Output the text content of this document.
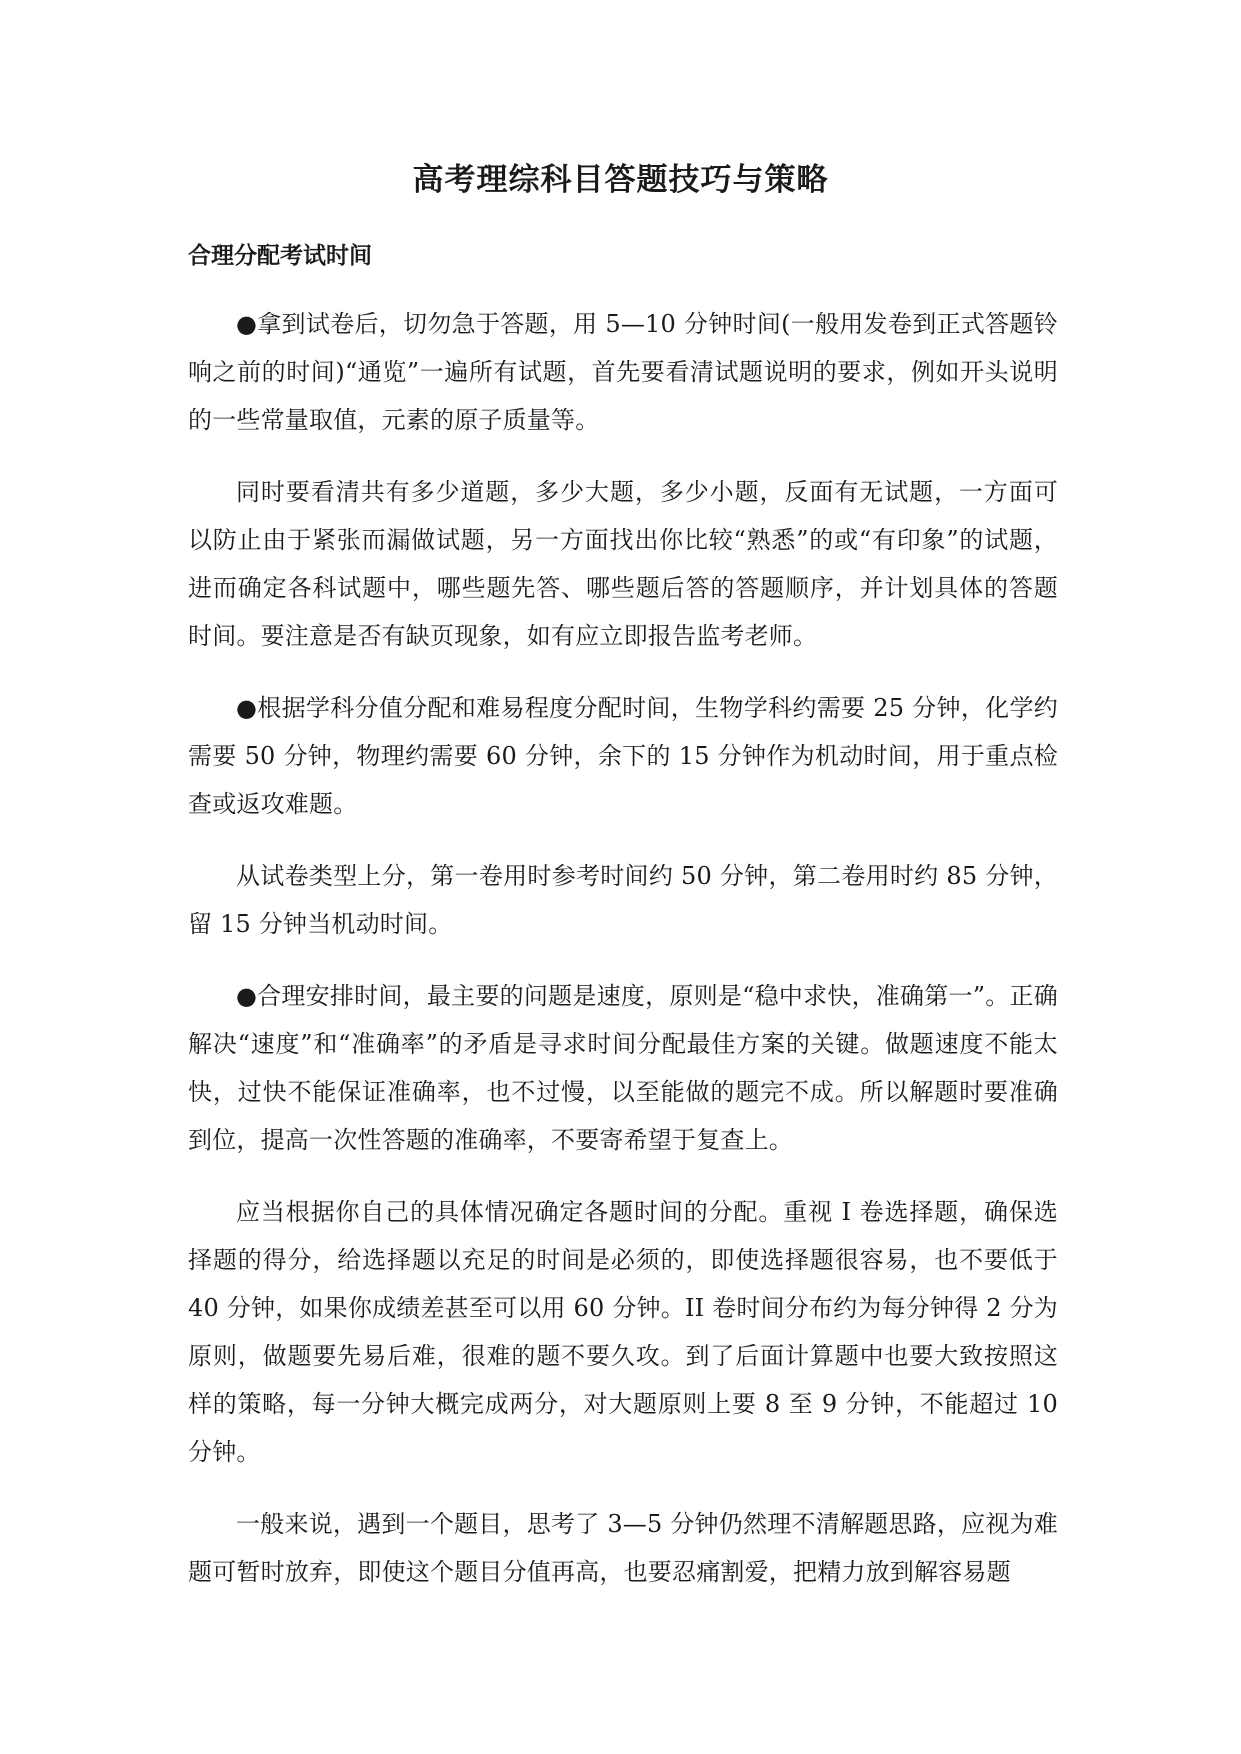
高考理综科目答题技巧与策略
合理分配考试时间

●拿到试卷后，切勿急于答题，用 5—10 分钟时间(一般用发卷到正式答题铃响之前的时间)“通览”一遍所有试题，首先要看清试题说明的要求，例如开头说明的一些常量取值，元素的原子质量等。

同时要看清共有多少道题，多少大题，多少小题，反面有无试题，一方面可以防止由于紧张而漏做试题，另一方面找出你比较“熟悉”的或“有印象”的试题，进而确定各科试题中，哪些题先答、哪些题后答的答题顺序，并计划具体的答题时间。要注意是否有缺页现象，如有应立即报告监考老师。

●根据学科分值分配和难易程度分配时间，生物学科约需要 25 分钟，化学约需要 50 分钟，物理约需要 60 分钟，余下的 15 分钟作为机动时间，用于重点检查或返攻难题。

从试卷类型上分，第一卷用时参考时间约 50 分钟，第二卷用时约 85 分钟，留 15 分钟当机动时间。

●合理安排时间，最主要的问题是速度，原则是“稳中求快，准确第一”。正确解决“速度”和“准确率”的矛盾是寻求时间分配最佳方案的关键。做题速度不能太快，过快不能保证准确率，也不过慢，以至能做的题完不成。所以解题时要准确到位，提高一次性答题的准确率，不要寄希望于复查上。

应当根据你自己的具体情况确定各题时间的分配。重视 I 卷选择题，确保选择题的得分，给选择题以充足的时间是必须的，即使选择题很容易，也不要低于 40 分钟，如果你成绩差甚至可以用 60 分钟。II 卷时间分布约为每分钟得 2 分为原则，做题要先易后难，很难的题不要久攻。到了后面计算题中也要大致按照这样的策略，每一分钟大概完成两分，对大题原则上要 8 至 9 分钟，不能超过 10 分钟。

一般来说，遇到一个题目，思考了 3—5 分钟仍然理不清解题思路，应视为难题可暂时放弃，即使这个题目分值再高，也要忍痛割爱，把精力放到解容易题
